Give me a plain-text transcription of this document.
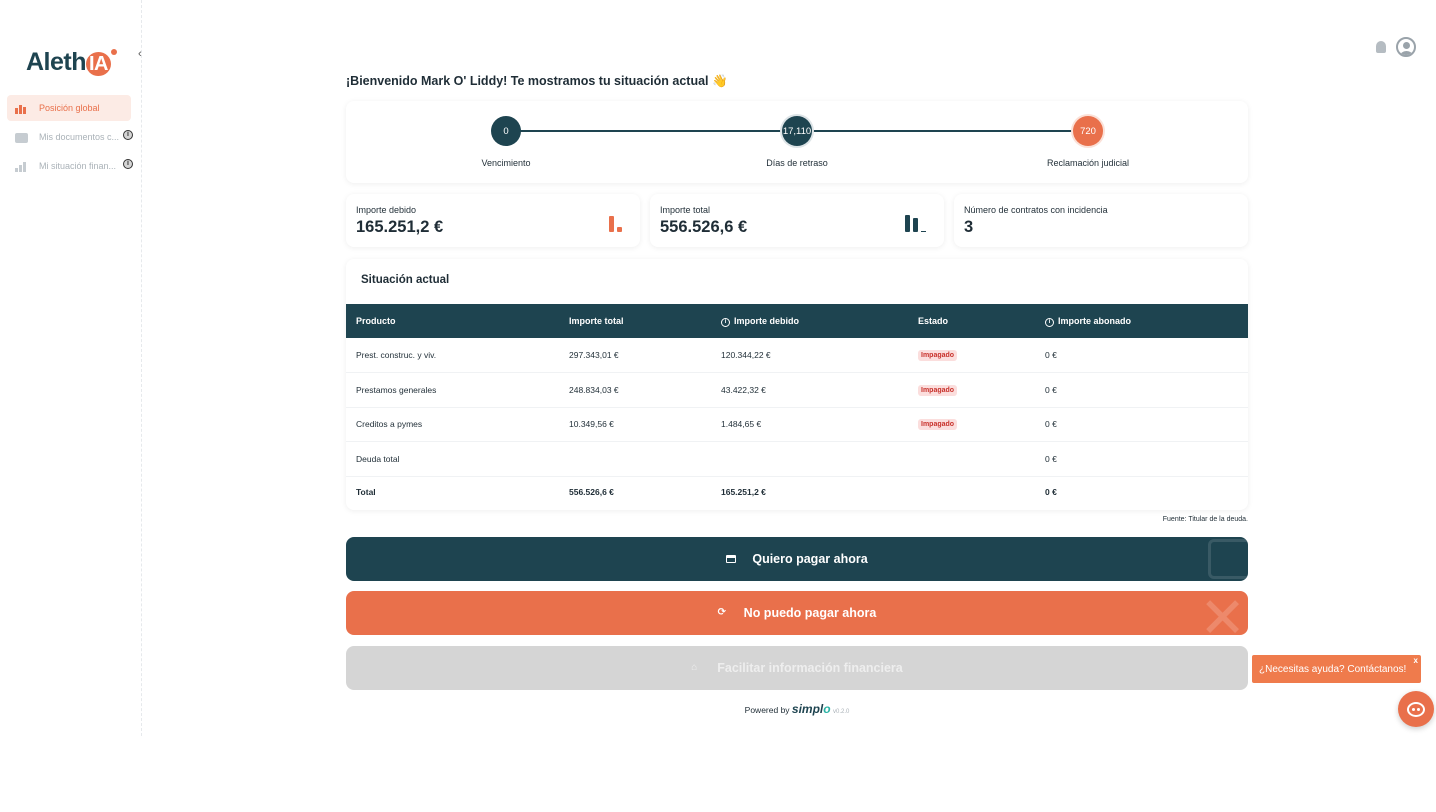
Aleth IA	‹
Posición global
Mis documentos c...	i
Mi situación finan...	i
¡Bienvenido Mark O' Liddy! Te mostramos tu situación actual 👋
0	17,110	720
Vencimiento	Días de retraso	Reclamación judicial
Importe debido
165.251,2 €
Importe total
556.526,6 €
Número de contratos con incidencia
3
Situación actual
Producto	Importe total	i Importe debido	Estado	i Importe abonado
Prest. construc. y viv.	297.343,01 €	120.344,22 €	Impagado	0 €
Prestamos generales	248.834,03 €	43.422,32 €	Impagado	0 €
Creditos a pymes	10.349,56 €	1.484,65 €	Impagado	0 €
Deuda total				0 €
Total	556.526,6 €	165.251,2 €		0 €
Fuente: Titular de la deuda.
Quiero pagar ahora
⟳ No puedo pagar ahora	✕
⌂	Facilitar información financiera
Powered by simplo v0.2.0
¿Necesitas ayuda? Contáctanos!
x
